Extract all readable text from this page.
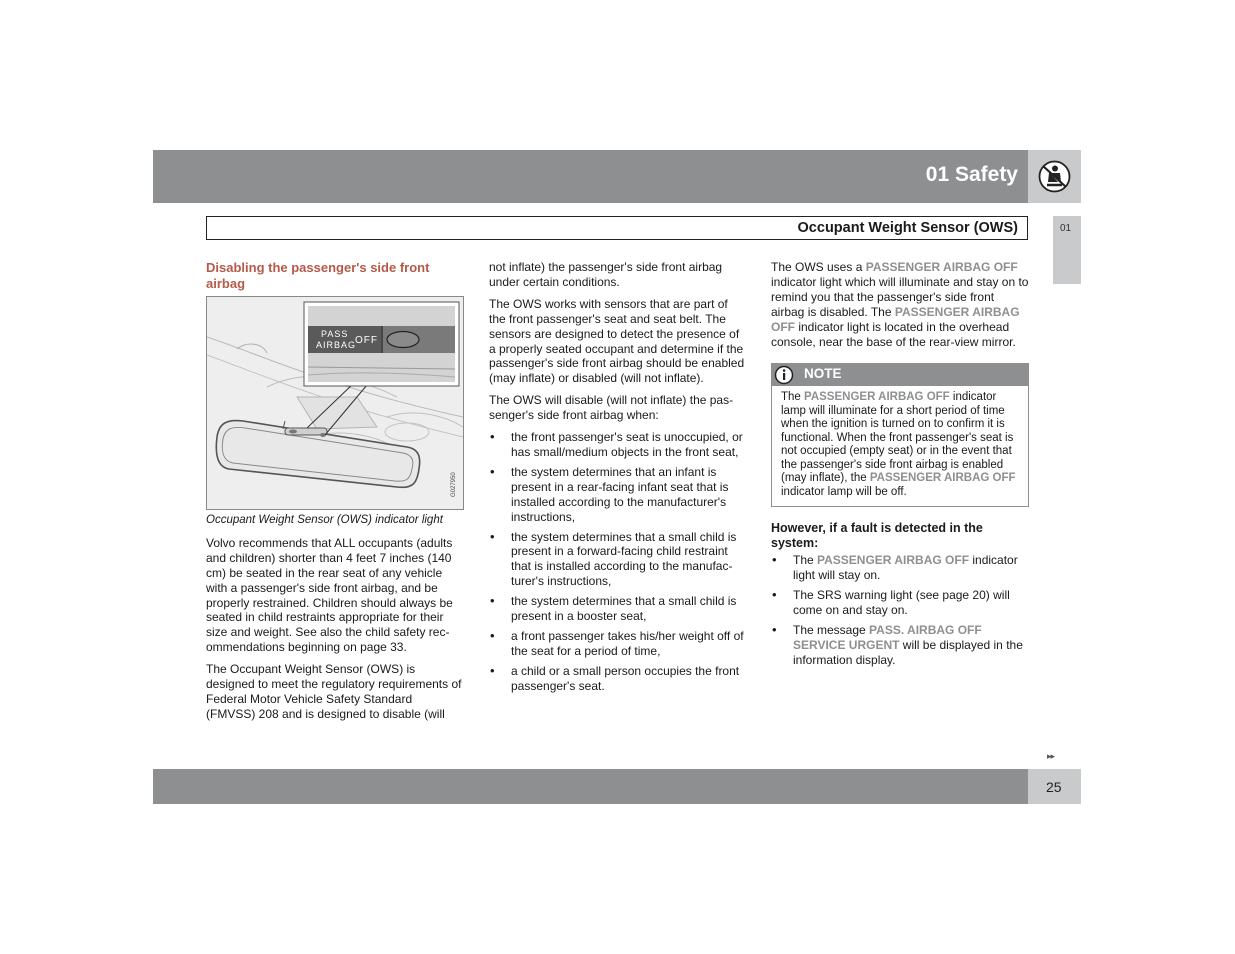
01 Safety
Occupant Weight Sensor (OWS)	01
Disabling the passenger's side front airbag
PASS
AIRBAG
OFF
G027950
Occupant Weight Sensor (OWS) indicator light

Volvo recommends that ALL occupants (adults and children) shorter than 4 feet 7 inches (140 cm) be seated in the rear seat of any vehicle with a passenger's side front airbag, and be properly restrained. Children should always be seated in child restraints appropriate for their size and weight. See also the child safety recommendations beginning on page 33.

The Occupant Weight Sensor (OWS) is designed to meet the regulatory requirements of Federal Motor Vehicle Safety Standard (FMVSS) 208 and is designed to disable (will

not inflate) the passenger's side front airbag under certain conditions.

The OWS works with sensors that are part of the front passenger's seat and seat belt. The sensors are designed to detect the presence of a properly seated occupant and determine if the passenger's side front airbag should be enabled (may inflate) or disabled (will not inflate).

The OWS will disable (will not inflate) the passenger's side front airbag when:

• the front passenger's seat is unoccupied, or has small/medium objects in the front seat,
• the system determines that an infant is present in a rear-facing infant seat that is installed according to the manufacturer's instructions,
• the system determines that a small child is present in a forward-facing child restraint that is installed according to the manufacturer's instructions,
• the system determines that a small child is present in a booster seat,
• a front passenger takes his/her weight off of the seat for a period of time,
• a child or a small person occupies the front passenger's seat.

The OWS uses a PASSENGER AIRBAG OFF indicator light which will illuminate and stay on to remind you that the passenger's side front airbag is disabled. The PASSENGER AIRBAG OFF indicator light is located in the overhead console, near the base of the rear-view mirror.

NOTE
The PASSENGER AIRBAG OFF indicator lamp will illuminate for a short period of time when the ignition is turned on to confirm it is functional. When the front passenger's seat is not occupied (empty seat) or in the event that the passenger's side front airbag is enabled (may inflate), the PASSENGER AIRBAG OFF indicator lamp will be off.
However, if a fault is detected in the system:
• The PASSENGER AIRBAG OFF indicator light will stay on.
• The SRS warning light (see page 20) will come on and stay on.
• The message PASS. AIRBAG OFF SERVICE URGENT will be displayed in the information display.
▸▸
25
